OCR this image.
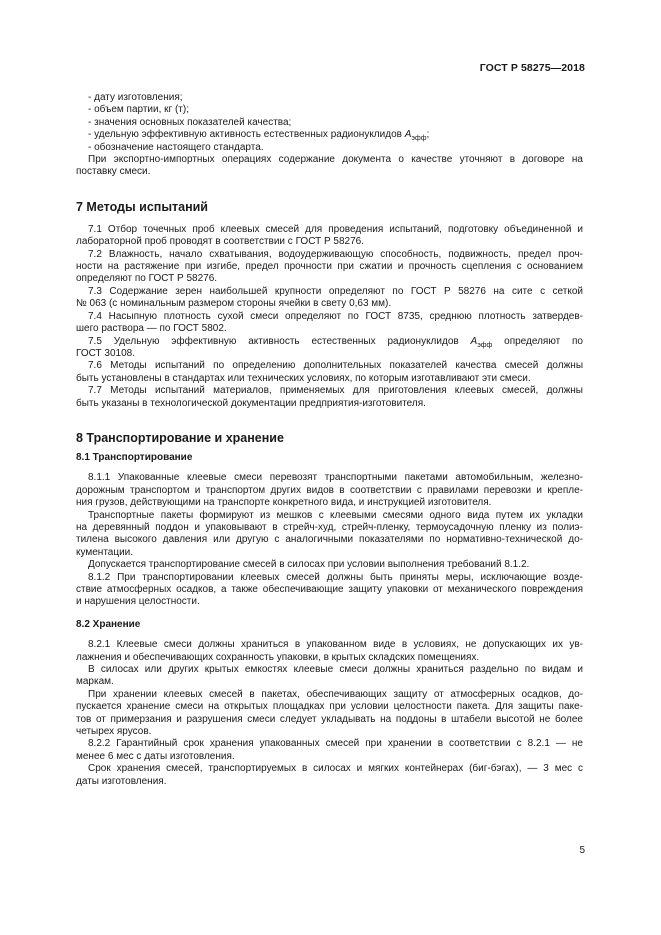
ГОСТ Р 58275—2018
- дату изготовления;
- объем партии, кг (т);
- значения основных показателей качества;
- удельную эффективную активность естественных радионуклидов $A_{эфф}$;
- обозначение настоящего стандарта.
При экспортно-импортных операциях содержание документа о качестве уточняют в договоре на
поставку смеси.
7 Методы испытаний
7.1 Отбор точечных проб клеевых смесей для проведения испытаний, подготовку объединенной и
лабораторной проб проводят в соответствии с ГОСТ Р 58276.
7.2 Влажность, начало схватывания, водоудерживающую способность, подвижность, предел проч-
ности на растяжение при изгибе, предел прочности при сжатии и прочность сцепления с основанием
определяют по ГОСТ Р 58276.
7.3 Содержание зерен наибольшей крупности определяют по ГОСТ Р 58276 на сите с сеткой
№ 063 (с номинальным размером стороны ячейки в свету 0,63 мм).
7.4 Насыпную плотность сухой смеси определяют по ГОСТ 8735, среднюю плотность затвердев-
шего раствора — по ГОСТ 5802.
7.5 Удельную эффективную активность естественных радионуклидов $A_{эфф}$ определяют по
ГОСТ 30108.
7.6 Методы испытаний по определению дополнительных показателей качества смесей должны
быть установлены в стандартах или технических условиях, по которым изготавливают эти смеси.
7.7 Методы испытаний материалов, применяемых для приготовления клеевых смесей, должны
быть указаны в технологической документации предприятия-изготовителя.
8 Транспортирование и хранение
8.1 Транспортирование
8.1.1 Упакованные клеевые смеси перевозят транспортными пакетами автомобильным, железно-
дорожным транспортом и транспортом других видов в соответствии с правилами перевозки и крепле-
ния грузов, действующими на транспорте конкретного вида, и инструкцией изготовителя.
Транспортные пакеты формируют из мешков с клеевыми смесями одного вида путем их укладки
на деревянный поддон и упаковывают в стрейч-худ, стрейч-пленку, термоусадочную пленку из полиэ-
тилена высокого давления или другую с аналогичными показателями по нормативно-технической до-
кументации.
Допускается транспортирование смесей в силосах при условии выполнения требований 8.1.2.
8.1.2 При транспортировании клеевых смесей должны быть приняты меры, исключающие возде-
ствие атмосферных осадков, а также обеспечивающие защиту упаковки от механического повреждения
и нарушения целостности.
8.2 Хранение
8.2.1 Клеевые смеси должны храниться в упакованном виде в условиях, не допускающих их ув-
лажнения и обеспечивающих сохранность упаковки, в крытых складских помещениях.
В силосах или других крытых емкостях клеевые смеси должны храниться раздельно по видам и
маркам.
При хранении клеевых смесей в пакетах, обеспечивающих защиту от атмосферных осадков, до-
пускается хранение смеси на открытых площадках при условии целостности пакета. Для защиты паке-
тов от примерзания и разрушения смеси следует укладывать на поддоны в штабели высотой не более
четырех ярусов.
8.2.2 Гарантийный срок хранения упакованных смесей при хранении в соответствии с 8.2.1 — не
менее 6 мес с даты изготовления.
Срок хранения смесей, транспортируемых в силосах и мягких контейнерах (биг-бэгах), — 3 мес с
даты изготовления.
5
